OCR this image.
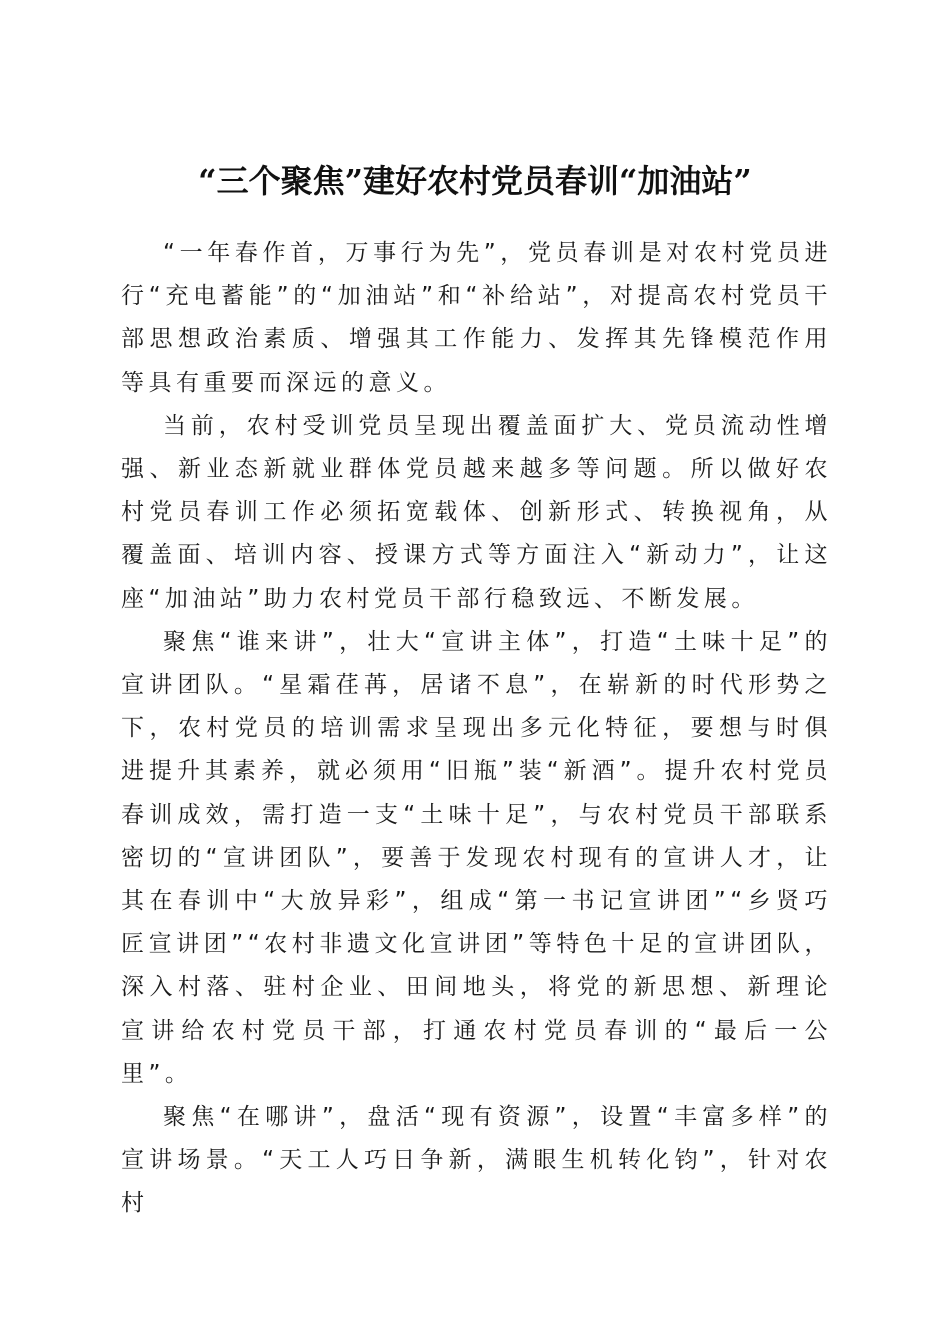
“三个聚焦”建好农村党员春训“加油站”

“一年春作首，万事行为先”，党员春训是对农村党员进行“充电蓄能”的“加油站”和“补给站”，对提高农村党员干部思想政治素质、增强其工作能力、发挥其先锋模范作用等具有重要而深远的意义。

当前，农村受训党员呈现出覆盖面扩大、党员流动性增强、新业态新就业群体党员越来越多等问题。所以做好农村党员春训工作必须拓宽载体、创新形式、转换视角，从覆盖面、培训内容、授课方式等方面注入“新动力”，让这座“加油站”助力农村党员干部行稳致远、不断发展。

聚焦“谁来讲”，壮大“宣讲主体”，打造“土味十足”的宣讲团队。“星霜荏苒，居诸不息”，在崭新的时代形势之下，农村党员的培训需求呈现出多元化特征，要想与时俱进提升其素养，就必须用“旧瓶”装“新酒”。提升农村党员春训成效，需打造一支“土味十足”，与农村党员干部联系密切的“宣讲团队”，要善于发现农村现有的宣讲人才，让其在春训中“大放异彩”，组成“第一书记宣讲团”“乡贤巧匠宣讲团”“农村非遗文化宣讲团”等特色十足的宣讲团队，深入村落、驻村企业、田间地头，将党的新思想、新理论宣讲给农村党员干部，打通农村党员春训的“最后一公里”。

聚焦“在哪讲”，盘活“现有资源”，设置“丰富多样”的宣讲场景。“天工人巧日争新，满眼生机转化钧”，针对农村
